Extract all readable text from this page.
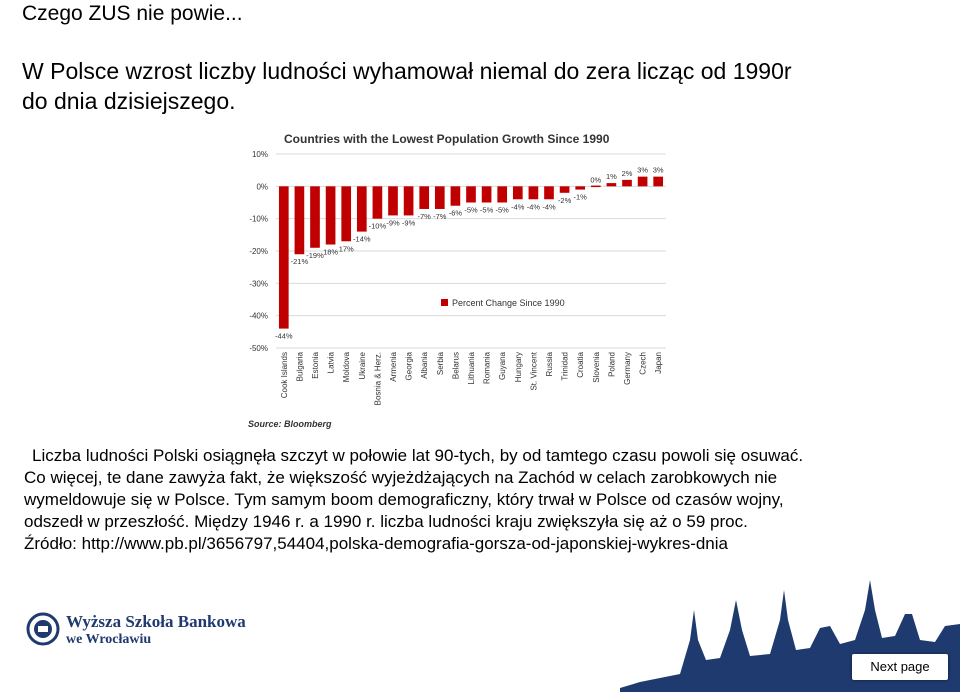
Czego ZUS nie powie...
W Polsce wzrost liczby ludności wyhamował niemal do zera licząc od 1990r
do dnia dzisiejszego.
Countries with the Lowest Population Growth Since 1990
10%
0%
-10%
-20%
-30%
-40%
-50%
-44%
-21%
-19% 18% 17%
-14%
-10% -9% -9%
-7% -7% -6% -5% -5% -5% -4% -4% -4%
-2% -1%
0% 1% 2% 3% 3%
Cook Islands Bulgaria Estonia Latvia Moldova Ukraine Bosnia & Herz. Armenia Georgia Albania Serbia Belarus Lithuania Romania Guyana Hungary St. Vincent Russia Trinidad Croatia Slovenia Poland Germany Czech Japan
Percent Change Since 1990
Source: Bloomberg
Liczba ludności Polski osiągnęła szczyt w połowie lat 90-tych, by od tamtego czasu powoli się osuwać.
Co więcej, te dane zawyża fakt, że większość wyjeżdżających na Zachód w celach zarobkowych nie
wymeldowuje się w Polsce. Tym samym boom demograficzny, który trwał w Polsce od czasów wojny,
odszedł w przeszłość. Między 1946 r. a 1990 r. liczba ludności kraju zwiększyła się aż o 59 proc.
Źródło: http://www.pb.pl/3656797,54404,polska-demografia-gorsza-od-japonskiej-wykres-dnia
Wyższa Szkoła Bankowa
we Wrocławiu
Next page
